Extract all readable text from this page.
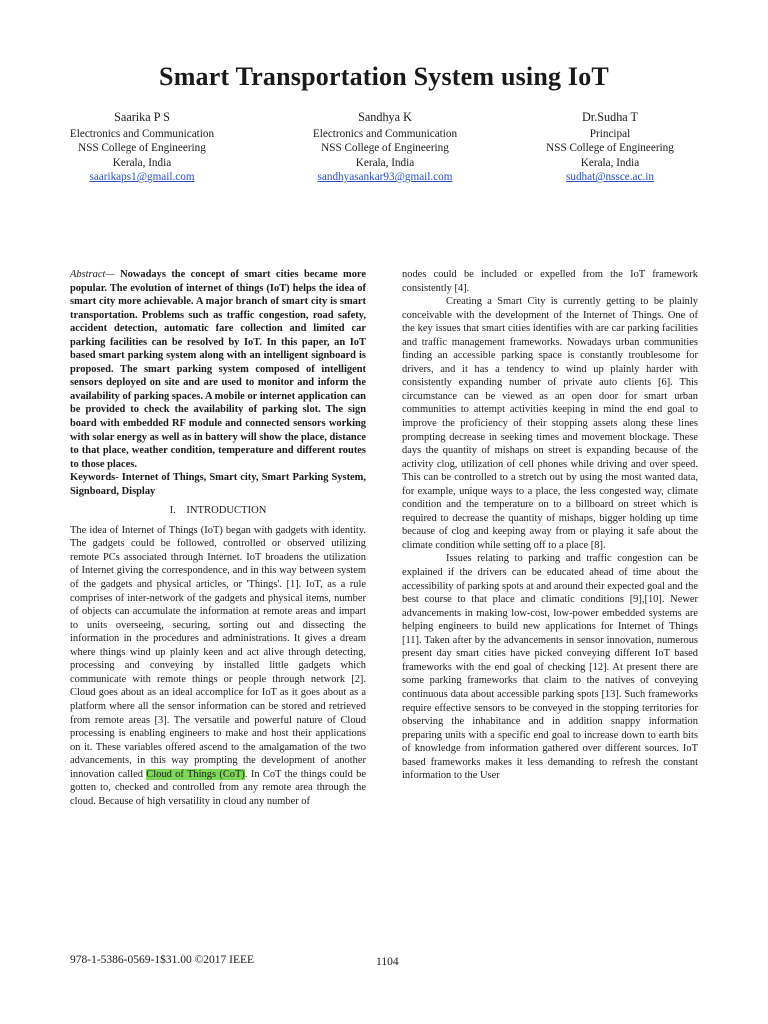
Smart Transportation System using IoT
Saarika P S
Electronics and Communication
NSS College of Engineering
Kerala, India
saarikaps1@gmail.com
Sandhya K
Electronics and Communication
NSS College of Engineering
Kerala, India
sandhyasankar93@gmail.com
Dr.Sudha T
Principal
NSS College of Engineering
Kerala, India
sudhat@nssce.ac.in

Abstract— Nowadays the concept of smart cities became more popular. The evolution of internet of things (IoT) helps the idea of smart city more achievable. A major branch of smart city is smart transportation. Problems such as traffic congestion, road safety, accident detection, automatic fare collection and limited car parking facilities can be resolved by IoT. In this paper, an IoT based smart parking system along with an intelligent signboard is proposed. The smart parking system composed of intelligent sensors deployed on site and are used to monitor and inform the availability of parking spaces. A mobile or internet application can be provided to check the availability of parking slot. The sign board with embedded RF module and connected sensors working with solar energy as well as in battery will show the place, distance to that place, weather condition, temperature and different routes to those places.

Keywords- Internet of Things, Smart city, Smart Parking System, Signboard, Display

I. INTRODUCTION

The idea of Internet of Things (IoT) began with gadgets with identity. The gadgets could be followed, controlled or observed utilizing remote PCs associated through Internet. IoT broadens the utilization of Internet giving the correspondence, and in this way between system of the gadgets and physical articles, or 'Things'. [1]. IoT, as a rule comprises of inter-network of the gadgets and physical items, number of objects can accumulate the information at remote areas and impart to units overseeing, securing, sorting out and dissecting the information in the procedures and administrations. It gives a dream where things wind up plainly keen and act alive through detecting, processing and conveying by installed little gadgets which communicate with remote things or people through network [2]. Cloud goes about as an ideal accomplice for IoT as it goes about as a platform where all the sensor information can be stored and retrieved from remote areas [3]. The versatile and powerful nature of Cloud processing is enabling engineers to make and host their applications on it. These variables offered ascend to the amalgamation of the two advancements, in this way prompting the development of another innovation called Cloud of Things (CoT). In CoT the things could be gotten to, checked and controlled from any remote area through the cloud. Because of high versatility in cloud any number of

nodes could be included or expelled from the IoT framework consistently [4].

Creating a Smart City is currently getting to be plainly conceivable with the development of the Internet of Things. One of the key issues that smart cities identifies with are car parking facilities and traffic management frameworks. Nowadays urban communities finding an accessible parking space is constantly troublesome for drivers, and it has a tendency to wind up plainly harder with consistently expanding number of private auto clients [6]. This circumstance can be viewed as an open door for smart urban communities to attempt activities keeping in mind the end goal to improve the proficiency of their stopping assets along these lines prompting decrease in seeking times and movement blockage. These days the quantity of mishaps on street is expanding because of the activity clog, utilization of cell phones while driving and over speed. This can be controlled to a stretch out by using the most wanted data, for example, unique ways to a place, the less congested way, climate condition and the temperature on to a billboard on street which is required to decrease the quantity of mishaps, bigger holding up time because of clog and keeping away from or playing it safe about the climate condition while setting off to a place [8].

Issues relating to parking and traffic congestion can be explained if the drivers can be educated ahead of time about the accessibility of parking spots at and around their expected goal and the best course to that place and climatic conditions [9],[10]. Newer advancements in making low-cost, low-power embedded systems are helping engineers to build new applications for Internet of Things [11]. Taken after by the advancements in sensor innovation, numerous present day smart cities have picked conveying different IoT based frameworks with the end goal of checking [12]. At present there are some parking frameworks that claim to the natives of conveying continuous data about accessible parking spots [13]. Such frameworks require effective sensors to be conveyed in the stopping territories for observing the inhabitance and in addition snappy information preparing units with a specific end goal to increase down to earth bits of knowledge from information gathered over different sources. IoT based frameworks makes it less demanding to refresh the constant information to the User

978-1-5386-0569-1$31.00 ©2017 IEEE	1104
